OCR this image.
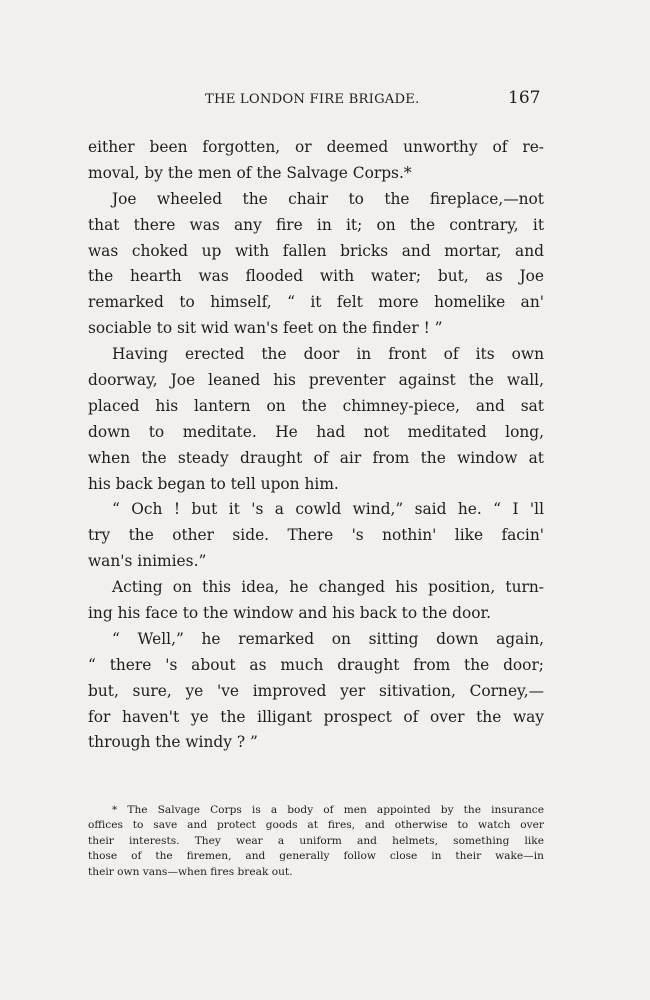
THE LONDON FIRE BRIGADE.	167
either been forgotten, or deemed unworthy of re-
moval, by the men of the Salvage Corps.*
Joe wheeled the chair to the fireplace,—not
that there was any fire in it; on the contrary, it
was choked up with fallen bricks and mortar, and
the hearth was flooded with water; but, as Joe
remarked to himself, “ it felt more homelike an'
sociable to sit wid wan's feet on the finder ! ”
Having erected the door in front of its own
doorway, Joe leaned his preventer against the wall,
placed his lantern on the chimney-piece, and sat
down to meditate. He had not meditated long,
when the steady draught of air from the window at
his back began to tell upon him.
“ Och ! but it 's a cowld wind,” said he. “ I 'll
try the other side. There 's nothin' like facin'
wan's inimies.”
Acting on this idea, he changed his position, turn-
ing his face to the window and his back to the door.
“ Well,” he remarked on sitting down again,
“ there 's about as much draught from the door;
but, sure, ye 've improved yer sitivation, Corney,—
for haven't ye the illigant prospect of over the way
through the windy ? ”
* The Salvage Corps is a body of men appointed by the insurance
offices to save and protect goods at fires, and otherwise to watch over
their interests. They wear a uniform and helmets, something like
those of the firemen, and generally follow close in their wake—in
their own vans—when fires break out.
